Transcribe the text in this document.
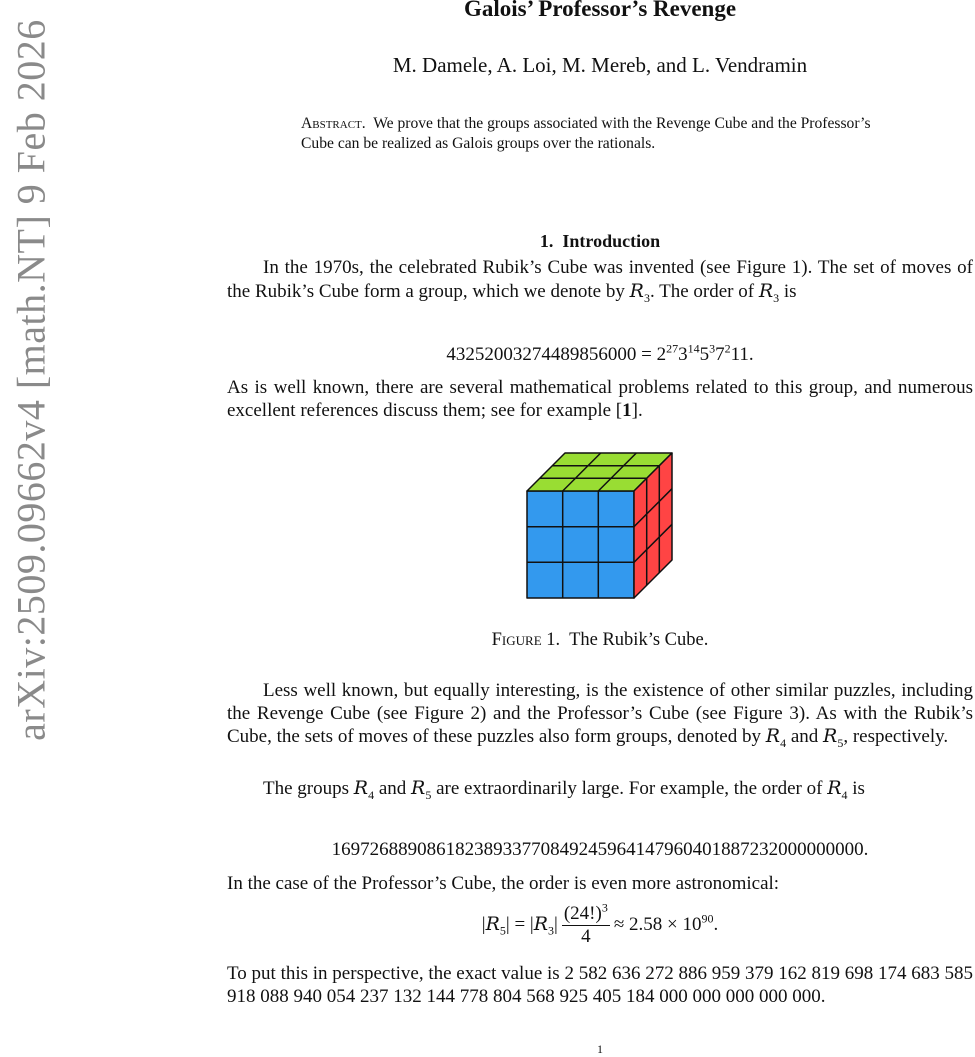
arXiv:2509.09662v4 [math.NT] 9 Feb 2026
Galois’ Professor’s Revenge
M. Damele, A. Loi, M. Mereb, and L. Vendramin
Abstract. We prove that the groups associated with the Revenge Cube and the Professor’s Cube can be realized as Galois groups over the rationals.
1. Introduction
In the 1970s, the celebrated Rubik’s Cube was invented (see Figure 1). The set of moves of the Rubik’s Cube form a group, which we denote by $R_3$. The order of $R_3$ is
$43252003274489856000 = 2^{27}3^{14}5^37^211$.
As is well known, there are several mathematical problems related to this group, and numerous excellent references discuss them; see for example [1].
Figure 1. The Rubik’s Cube.
Less well known, but equally interesting, is the existence of other similar puzzles, including the Revenge Cube (see Figure 2) and the Professor’s Cube (see Figure 3). As with the Rubik’s Cube, the sets of moves of these puzzles also form groups, denoted by $R_4$ and $R_5$, respectively.
The groups $R_4$ and $R_5$ are extraordinarily large. For example, the order of $R_4$ is
16972688908618238933770849245964147960401887232000000000.
In the case of the Professor’s Cube, the order is even more astronomical:
$|R_5| = |R_3| \frac{(24!)^3}{4} \approx 2.58 \times 10^{90}$.
To put this in perspective, the exact value is 2 582 636 272 886 959 379 162 819 698 174 683 585 918 088 940 054 237 132 144 778 804 568 925 405 184 000 000 000 000 000.
1
